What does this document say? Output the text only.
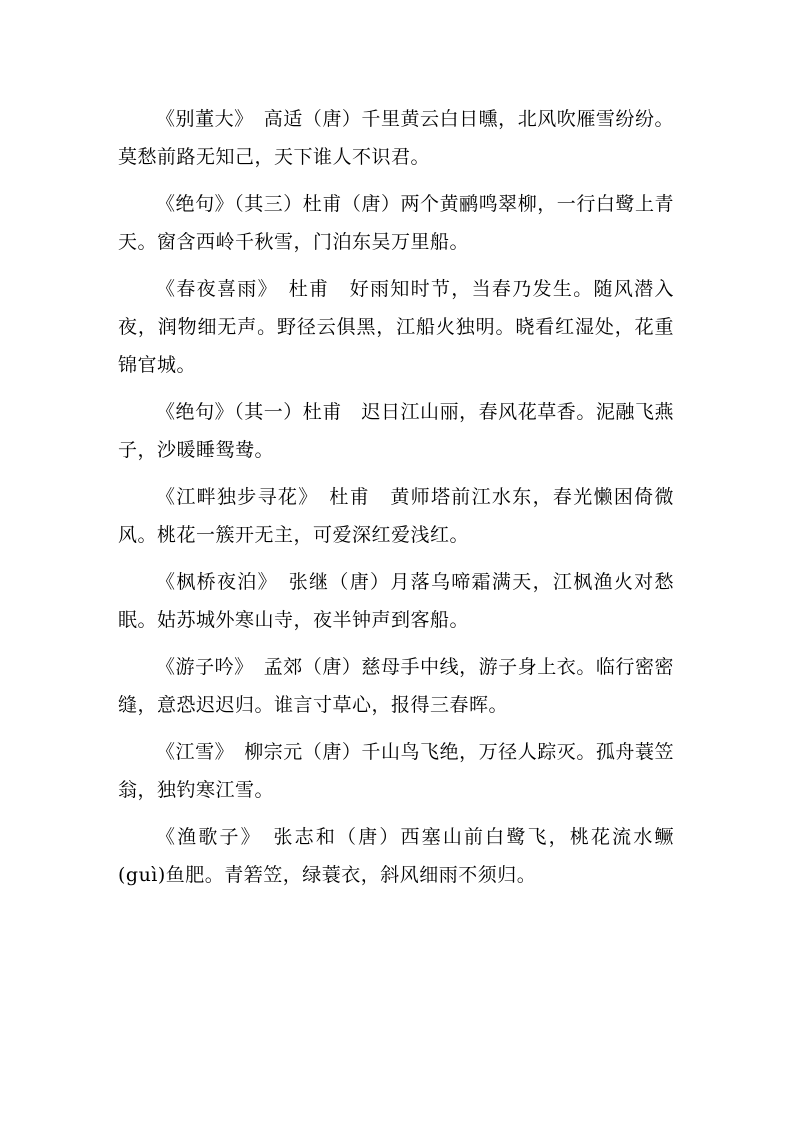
《别董大》　高适（唐）千里黄云白日曛，北风吹雁雪纷纷。莫愁前路无知己，天下谁人不识君。

《绝句》（其三）杜甫（唐）两个黄鹂鸣翠柳，一行白鹭上青天。窗含西岭千秋雪，门泊东吴万里船。

《春夜喜雨》　杜甫　好雨知时节，当春乃发生。随风潜入夜，润物细无声。野径云俱黑，江船火独明。晓看红湿处，花重锦官城。

《绝句》（其一）杜甫　迟日江山丽，春风花草香。泥融飞燕子，沙暖睡鸳鸯。

《江畔独步寻花》　杜甫　黄师塔前江水东，春光懒困倚微风。桃花一簇开无主，可爱深红爱浅红。

《枫桥夜泊》　张继（唐）月落乌啼霜满天，江枫渔火对愁眠。姑苏城外寒山寺，夜半钟声到客船。

《游子吟》　孟郊（唐）慈母手中线，游子身上衣。临行密密缝，意恐迟迟归。谁言寸草心，报得三春晖。

《江雪》　柳宗元（唐）千山鸟飞绝，万径人踪灭。孤舟蓑笠翁，独钓寒江雪。

《渔歌子》　张志和（唐）西塞山前白鹭飞，桃花流水鳜(guì)鱼肥。青箬笠，绿蓑衣，斜风细雨不须归。
